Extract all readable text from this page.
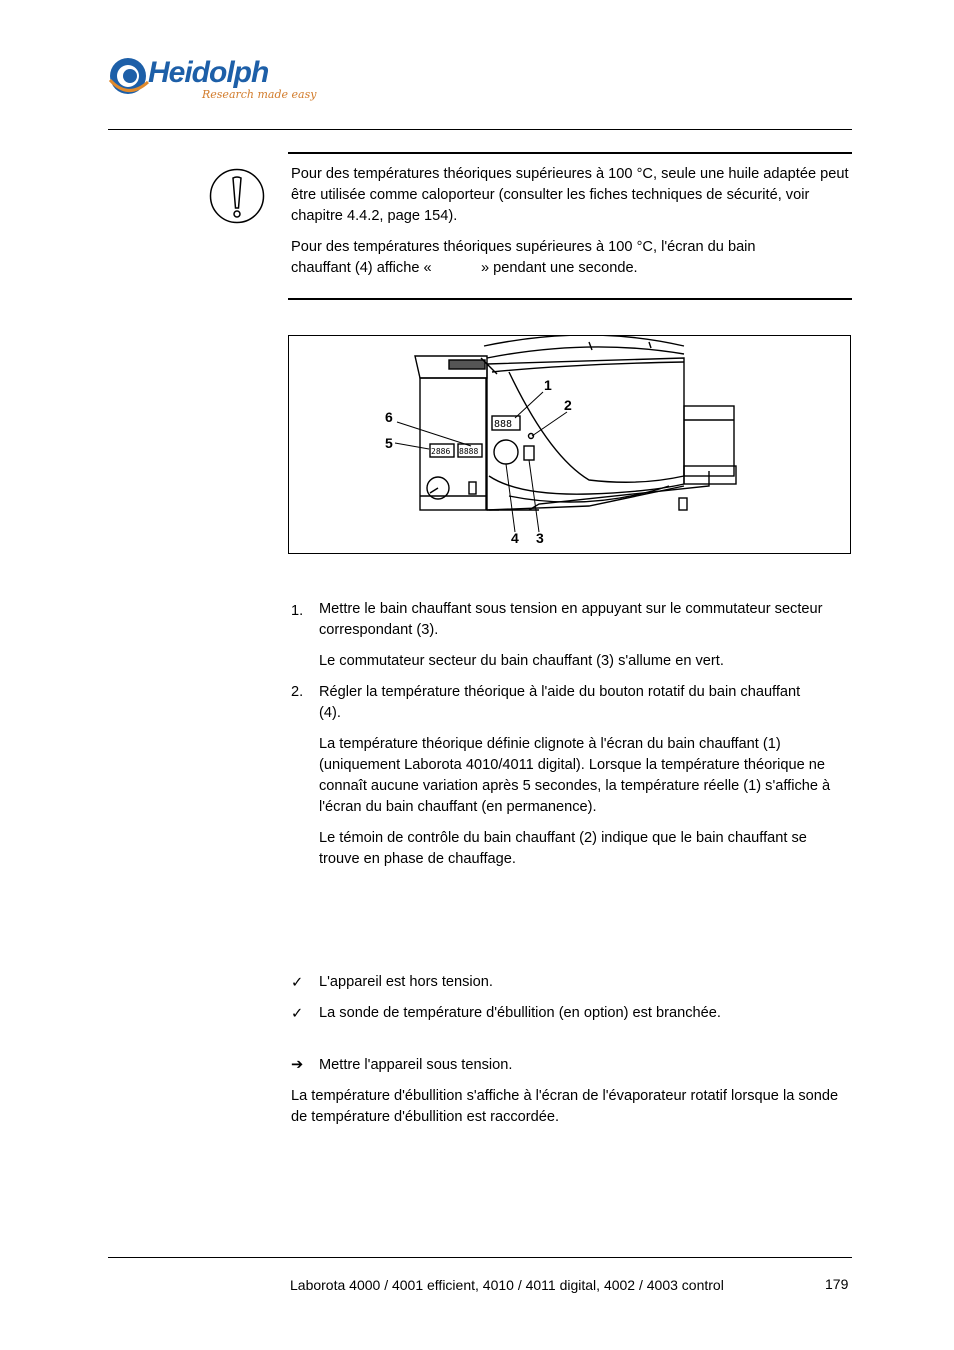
Heidolph
Research made easy

Pour des températures théoriques supérieures à 100 °C, seule une huile adaptée peut être utilisée comme caloporteur (consulter les fiches techniques de sécurité, voir chapitre 4.4.2, page 154).

Pour des températures théoriques supérieures à 100 °C, l'écran du bain

chauffant (4) affiche «	» pendant une seconde.

888
2886 8888
1
2
3
4
5
6
1. Mettre le bain chauffant sous tension en appuyant sur le commutateur secteur correspondant (3).

Le commutateur secteur du bain chauffant (3) s'allume en vert.

2. Régler la température théorique à l'aide du bouton rotatif du bain chauffant (4).

La température théorique définie clignote à l'écran du bain chauffant (1) (uniquement Laborota 4010/4011 digital). Lorsque la température théorique ne connaît aucune variation après 5 secondes, la température réelle (1) s'affiche à l'écran du bain chauffant (en permanence).

Le témoin de contrôle du bain chauffant (2) indique que le bain chauffant se trouve en phase de chauffage.

✓ L'appareil est hors tension.

✓ La sonde de température d'ébullition (en option) est branchée.

➔ Mettre l'appareil sous tension.

La température d'ébullition s'affiche à l'écran de l'évaporateur rotatif lorsque la sonde de température d'ébullition est raccordée.

Laborota 4000 / 4001 efficient, 4010 / 4011 digital, 4002 / 4003 control	179
